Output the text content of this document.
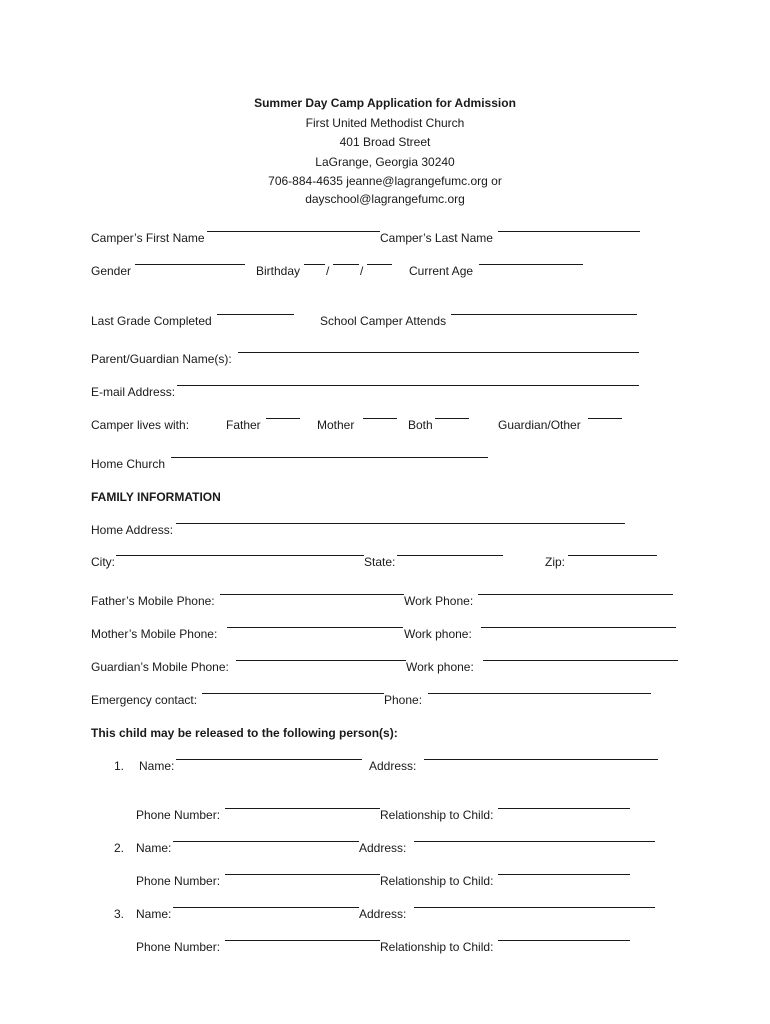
Summer Day Camp Application for Admission
First United Methodist Church
401 Broad Street
LaGrange, Georgia 30240
706-884-4635 jeanne@lagrangefumc.org or
dayschool@lagrangefumc.org
Camper’s First Name	Camper’s Last Name
Gender	Birthday /	/	Current Age
Last Grade Completed	School Camper Attends
Parent/Guardian Name(s):
E-mail Address:
Camper lives with:	Father	Mother	Both	Guardian/Other
Home Church
FAMILY INFORMATION
Home Address:
City:	State:	Zip:
Father’s Mobile Phone:	Work Phone:
Mother’s Mobile Phone:	Work phone:
Guardian’s Mobile Phone:	Work phone:
Emergency contact:	Phone:
This child may be released to the following person(s):
1. Name:	Address:
Phone Number:	Relationship to Child:
2. Name:	Address:
Phone Number:	Relationship to Child:
3. Name:	Address:
Phone Number:	Relationship to Child:
